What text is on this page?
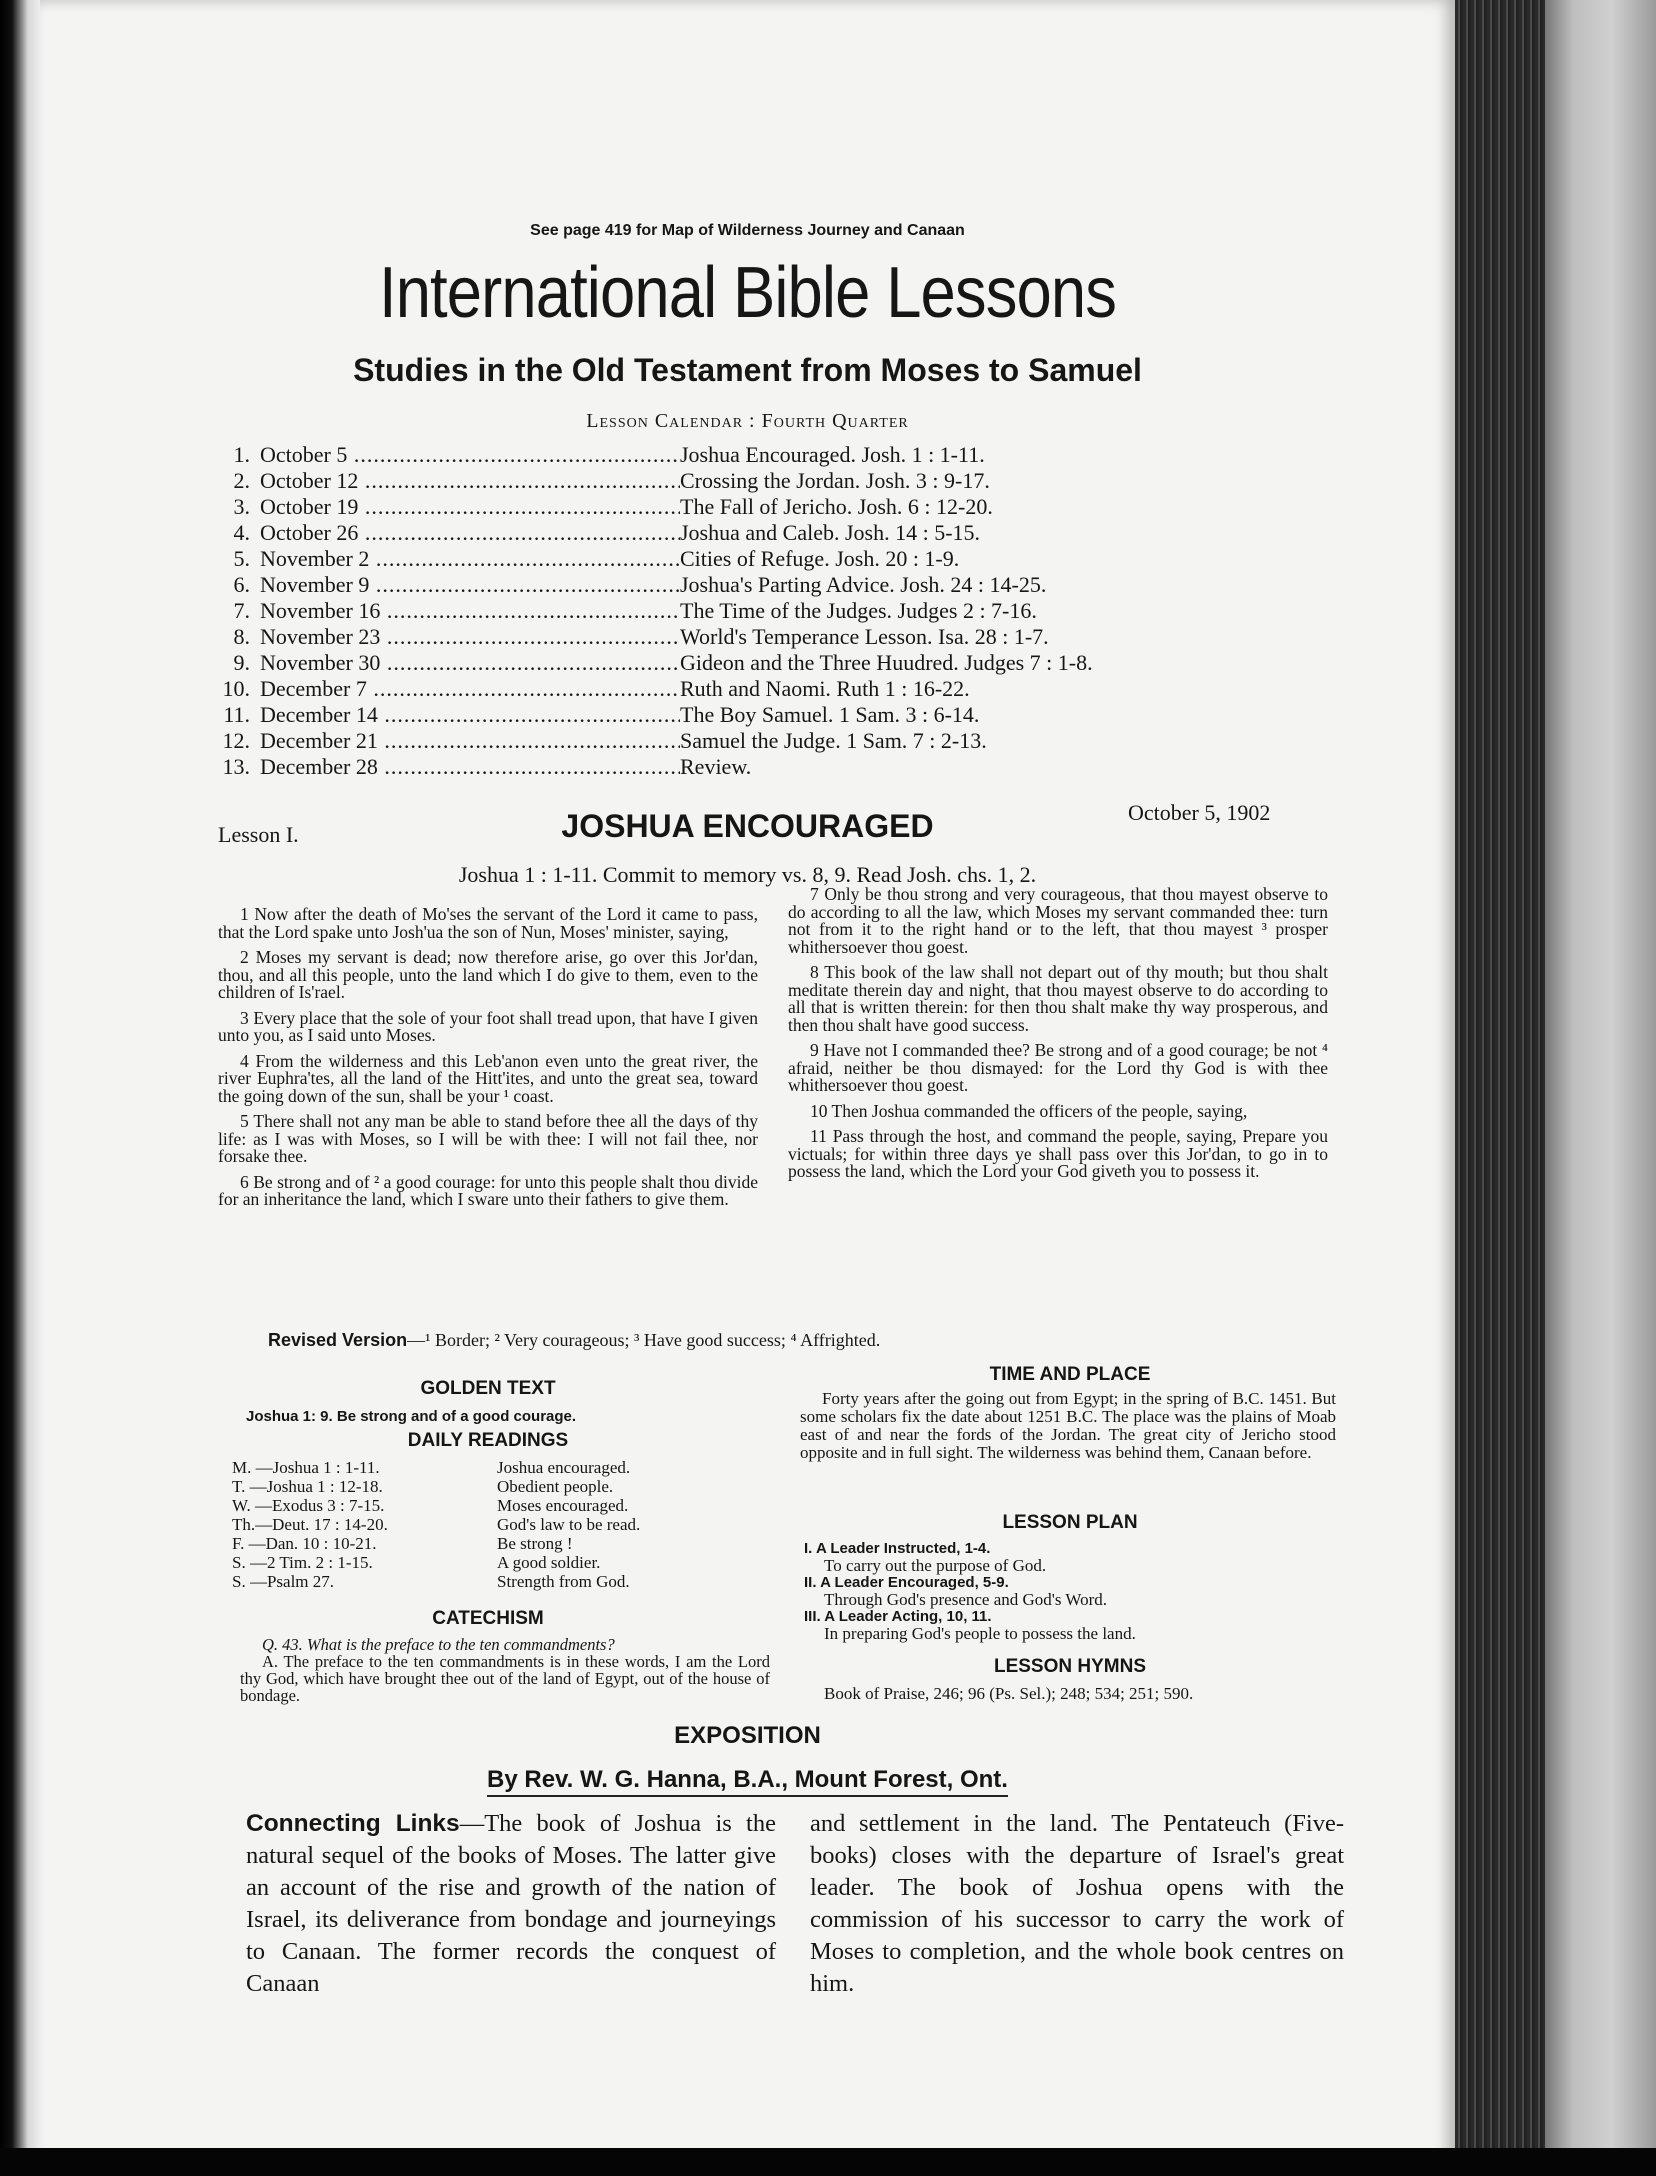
See page 419 for Map of Wilderness Journey and Canaan
International Bible Lessons
Studies in the Old Testament from Moses to Samuel
Lesson Calendar : Fourth Quarter
1. October 5 .....	Joshua Encouraged. Josh. 1 : 1-11.
2. October 12 .....	Crossing the Jordan. Josh. 3 : 9-17.
3. October 19 .....	The Fall of Jericho. Josh. 6 : 12-20.
4. October 26 .....	Joshua and Caleb. Josh. 14 : 5-15.
5. November 2 .....	Cities of Refuge. Josh. 20 : 1-9.
6. November 9 .....	Joshua's Parting Advice. Josh. 24 : 14-25.
7. November 16 .....	The Time of the Judges. Judges 2 : 7-16.
8. November 23 .....	World's Temperance Lesson. Isa. 28 : 1-7.
9. November 30 .....	Gideon and the Three Huudred. Judges 7 : 1-8.
10. December 7 .....	Ruth and Naomi. Ruth 1 : 16-22.
11. December 14 .....	The Boy Samuel. 1 Sam. 3 : 6-14.
12. December 21 .....	Samuel the Judge. 1 Sam. 7 : 2-13.
13. December 28 .....	Review.
Lesson I.	JOSHUA ENCOURAGED	October 5, 1902
Joshua 1 : 1-11. Commit to memory vs. 8, 9. Read Josh. chs. 1, 2.

1 Now after the death of Mo'ses the servant of the Lord it came to pass, that the Lord spake unto Josh'ua the son of Nun, Moses' minister, saying,

2 Moses my servant is dead; now therefore arise, go over this Jor'dan, thou, and all this people, unto the land which I do give to them, even to the children of Is'rael.

3 Every place that the sole of your foot shall tread upon, that have I given unto you, as I said unto Moses.

4 From the wilderness and this Leb'anon even unto the great river, the river Euphra'tes, all the land of the Hitt'ites, and unto the great sea, toward the going down of the sun, shall be your ¹ coast.

5 There shall not any man be able to stand before thee all the days of thy life: as I was with Moses, so I will be with thee: I will not fail thee, nor forsake thee.

6 Be strong and of ² a good courage: for unto this people shalt thou divide for an inheritance the land, which I sware unto their fathers to give them.

7 Only be thou strong and very courageous, that thou mayest observe to do according to all the law, which Moses my servant commanded thee: turn not from it to the right hand or to the left, that thou mayest ³ prosper whithersoever thou goest.

8 This book of the law shall not depart out of thy mouth; but thou shalt meditate therein day and night, that thou mayest observe to do according to all that is written therein: for then thou shalt make thy way prosperous, and then thou shalt have good success.

9 Have not I commanded thee? Be strong and of a good courage; be not ⁴ afraid, neither be thou dismayed: for the Lord thy God is with thee whithersoever thou goest.

10 Then Joshua commanded the officers of the people, saying,

11 Pass through the host, and command the people, saying, Prepare you victuals; for within three days ye shall pass over this Jor'dan, to go in to possess the land, which the Lord your God giveth you to possess it.

Revised Version—¹ Border; ² Very courageous; ³ Have good success; ⁴ Affrighted.
GOLDEN TEXT
Joshua 1: 9. Be strong and of a good courage.
DAILY READINGS
M. —Joshua 1 : 1-11.	Joshua encouraged.
T. —Joshua 1 : 12-18.	Obedient people.
W. —Exodus 3 : 7-15.	Moses encouraged.
Th.—Deut. 17 : 14-20.	God's law to be read.
F. —Dan. 10 : 10-21.	Be strong !
S. —2 Tim. 2 : 1-15.	A good soldier.
S. —Psalm 27.	Strength from God.
CATECHISM
Q. 43. What is the preface to the ten commandments?
A. The preface to the ten commandments is in these words, I am the Lord thy God, which have brought thee out of the land of Egypt, out of the house of bondage.
TIME AND PLACE
Forty years after the going out from Egypt; in the spring of B.C. 1451. But some scholars fix the date about 1251 B.C. The place was the plains of Moab east of and near the fords of the Jordan. The great city of Jericho stood opposite and in full sight. The wilderness was behind them, Canaan before.
LESSON PLAN
I. A Leader Instructed, 1-4.
To carry out the purpose of God.
II. A Leader Encouraged, 5-9.
Through God's presence and God's Word.
III. A Leader Acting, 10, 11.
In preparing God's people to possess the land.
LESSON HYMNS
Book of Praise, 246; 96 (Ps. Sel.); 248; 534; 251; 590.
EXPOSITION
By Rev. W. G. Hanna, B.A., Mount Forest, Ont.
Connecting Links—The book of Joshua is the natural sequel of the books of Moses. The latter give an account of the rise and growth of the nation of Israel, its deliverance from bondage and journeyings to Canaan. The former records the conquest of Canaan
and settlement in the land. The Pentateuch (Five-books) closes with the departure of Israel's great leader. The book of Joshua opens with the commission of his successor to carry the work of Moses to completion, and the whole book centres on him.
